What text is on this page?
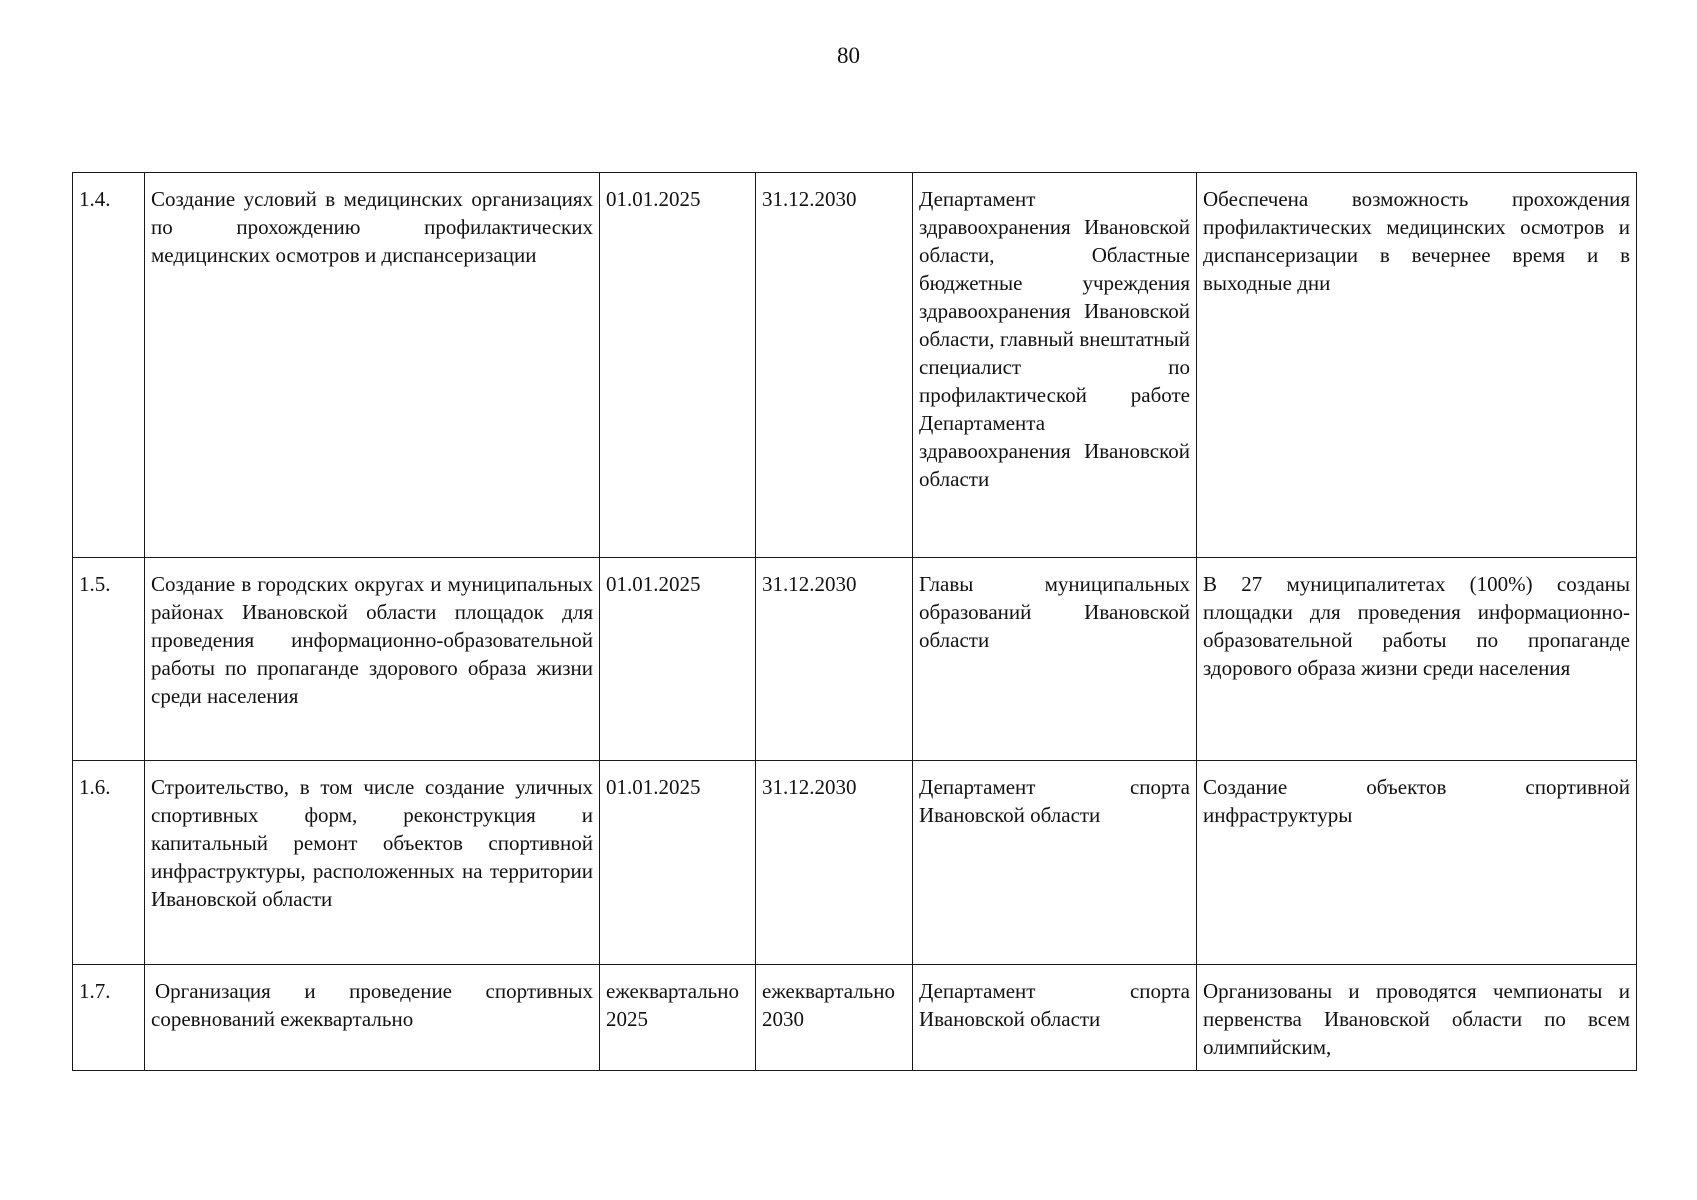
80
1.4.	Создание условий в медицинских организациях по прохождению профилактических медицинских осмотров и диспансеризации	01.01.2025	31.12.2030	Департамент здравоохранения Ивановской области, Областные бюджетные учреждения здравоохранения Ивановской области, главный внештатный специалист по профилактической работе Департамента здравоохранения Ивановской области	Обеспечена возможность прохождения профилактических медицинских осмотров и диспансеризации в вечернее время и в выходные дни
1.5.	Создание в городских округах и муниципальных районах Ивановской области площадок для проведения информационно-образовательной работы по пропаганде здорового образа жизни среди населения	01.01.2025	31.12.2030	Главы муниципальных образований Ивановской области	В 27 муниципалитетах (100%) созданы площадки для проведения информационно-образовательной работы по пропаганде здорового образа жизни среди населения
1.6.	Строительство, в том числе создание уличных спортивных форм, реконструкция и капитальный ремонт объектов спортивной инфраструктуры, расположенных на территории Ивановской области	01.01.2025	31.12.2030	Департамент спорта Ивановской области	Создание объектов спортивной инфраструктуры
1.7.	Организация и проведение спортивных соревнований ежеквартально	ежеквартально 2025	ежеквартально 2030	Департамент спорта Ивановской области	Организованы и проводятся чемпионаты и первенства Ивановской области по всем олимпийским,
